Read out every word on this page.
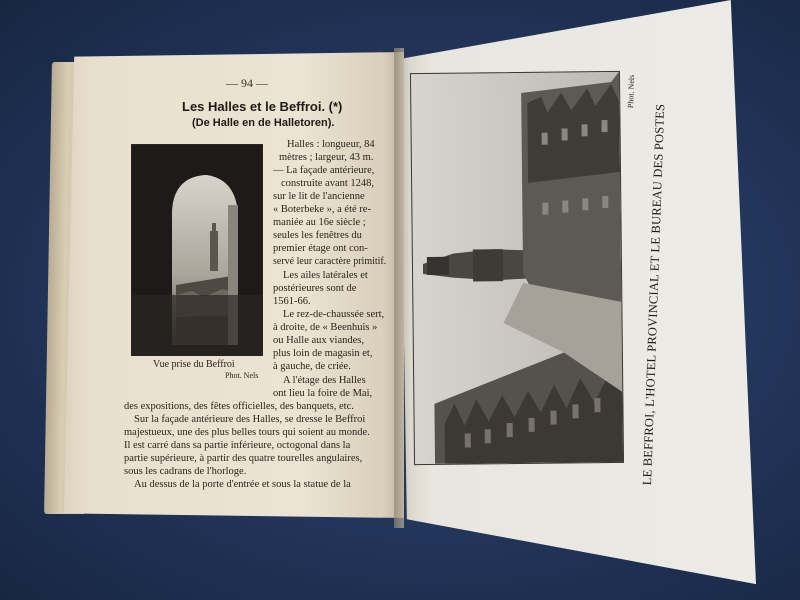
— 94 —
Les Halles et le Beffroi. (*)
(De Halle en de Halletoren).
Vue prise du Beffroi
Phot. Nels
Halles : longueur, 84
mètres ; largeur, 43 m.
— La façade antérieure,
construite avant 1248,
sur le lit de l'ancienne
« Boterbeke », a été re-
maniée au 16e siècle ;
seules les fenêtres du
premier étage ont con-
servé leur caractère primitif.
Les ailes latérales et
postérieures sont de
1561-66.
Le rez-de-chaussée sert,
à droite, de « Beenhuis »
ou Halle aux viandes,
plus loin de magasin et,
à gauche, de criée.
A l'étage des Halles
ont lieu la foire de Mai,
des expositions, des fêtes officielles, des banquets, etc.
Sur la façade antérieure des Halles, se dresse le Beffroi
majestueux, une des plus belles tours qui soient au monde.
Il est carré dans sa partie inférieure, octogonal dans la
partie supérieure, à partir des quatre tourelles angulaires,
sous les cadrans de l'horloge.
Au dessus de la porte d'entrée et sous la statue de la	LE BEFFROI, L'HOTEL PROVINCIAL ET LE BUREAU DES POSTES
Phot. Nels
